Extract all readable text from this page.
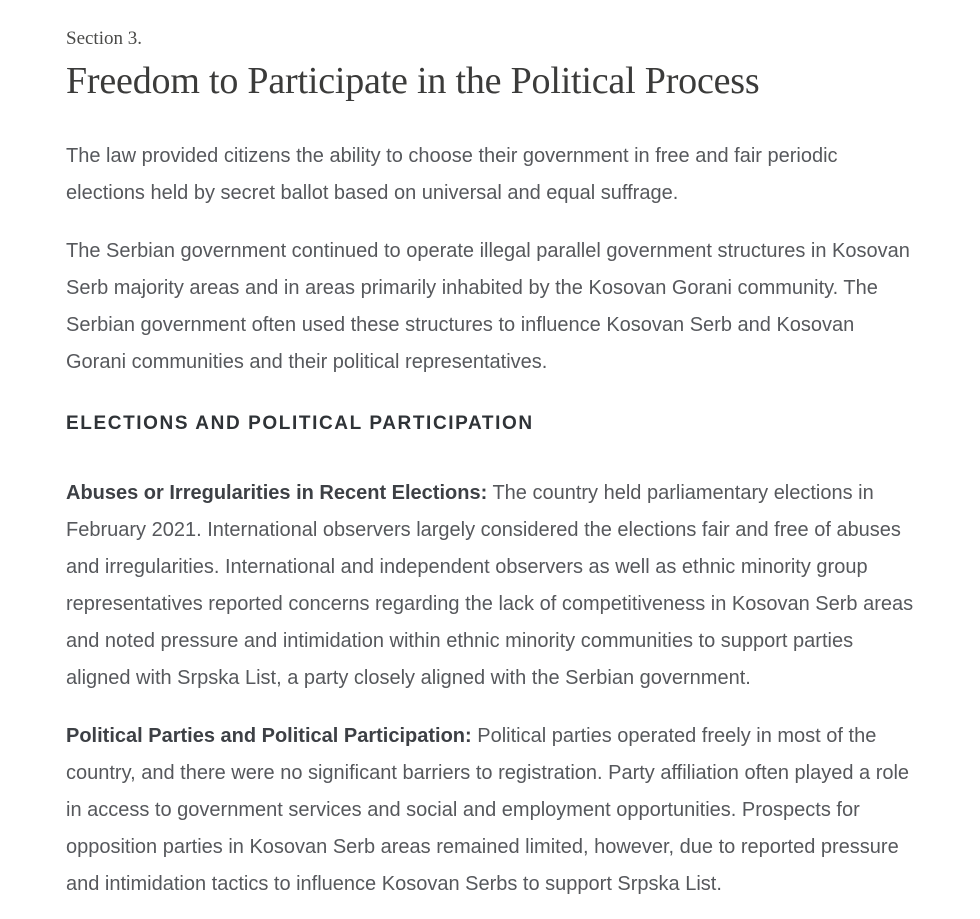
Section 3.
Freedom to Participate in the Political Process

The law provided citizens the ability to choose their government in free and fair periodic elections held by secret ballot based on universal and equal suffrage.

The Serbian government continued to operate illegal parallel government structures in Kosovan Serb majority areas and in areas primarily inhabited by the Kosovan Gorani community. The Serbian government often used these structures to influence Kosovan Serb and Kosovan Gorani communities and their political representatives.

ELECTIONS AND POLITICAL PARTICIPATION

Abuses or Irregularities in Recent Elections: The country held parliamentary elections in February 2021. International observers largely considered the elections fair and free of abuses and irregularities. International and independent observers as well as ethnic minority group representatives reported concerns regarding the lack of competitiveness in Kosovan Serb areas and noted pressure and intimidation within ethnic minority communities to support parties aligned with Srpska List, a party closely aligned with the Serbian government.

Political Parties and Political Participation: Political parties operated freely in most of the country, and there were no significant barriers to registration. Party affiliation often played a role in access to government services and social and employment opportunities. Prospects for opposition parties in Kosovan Serb areas remained limited, however, due to reported pressure and intimidation tactics to influence Kosovan Serbs to support Srpska List.
